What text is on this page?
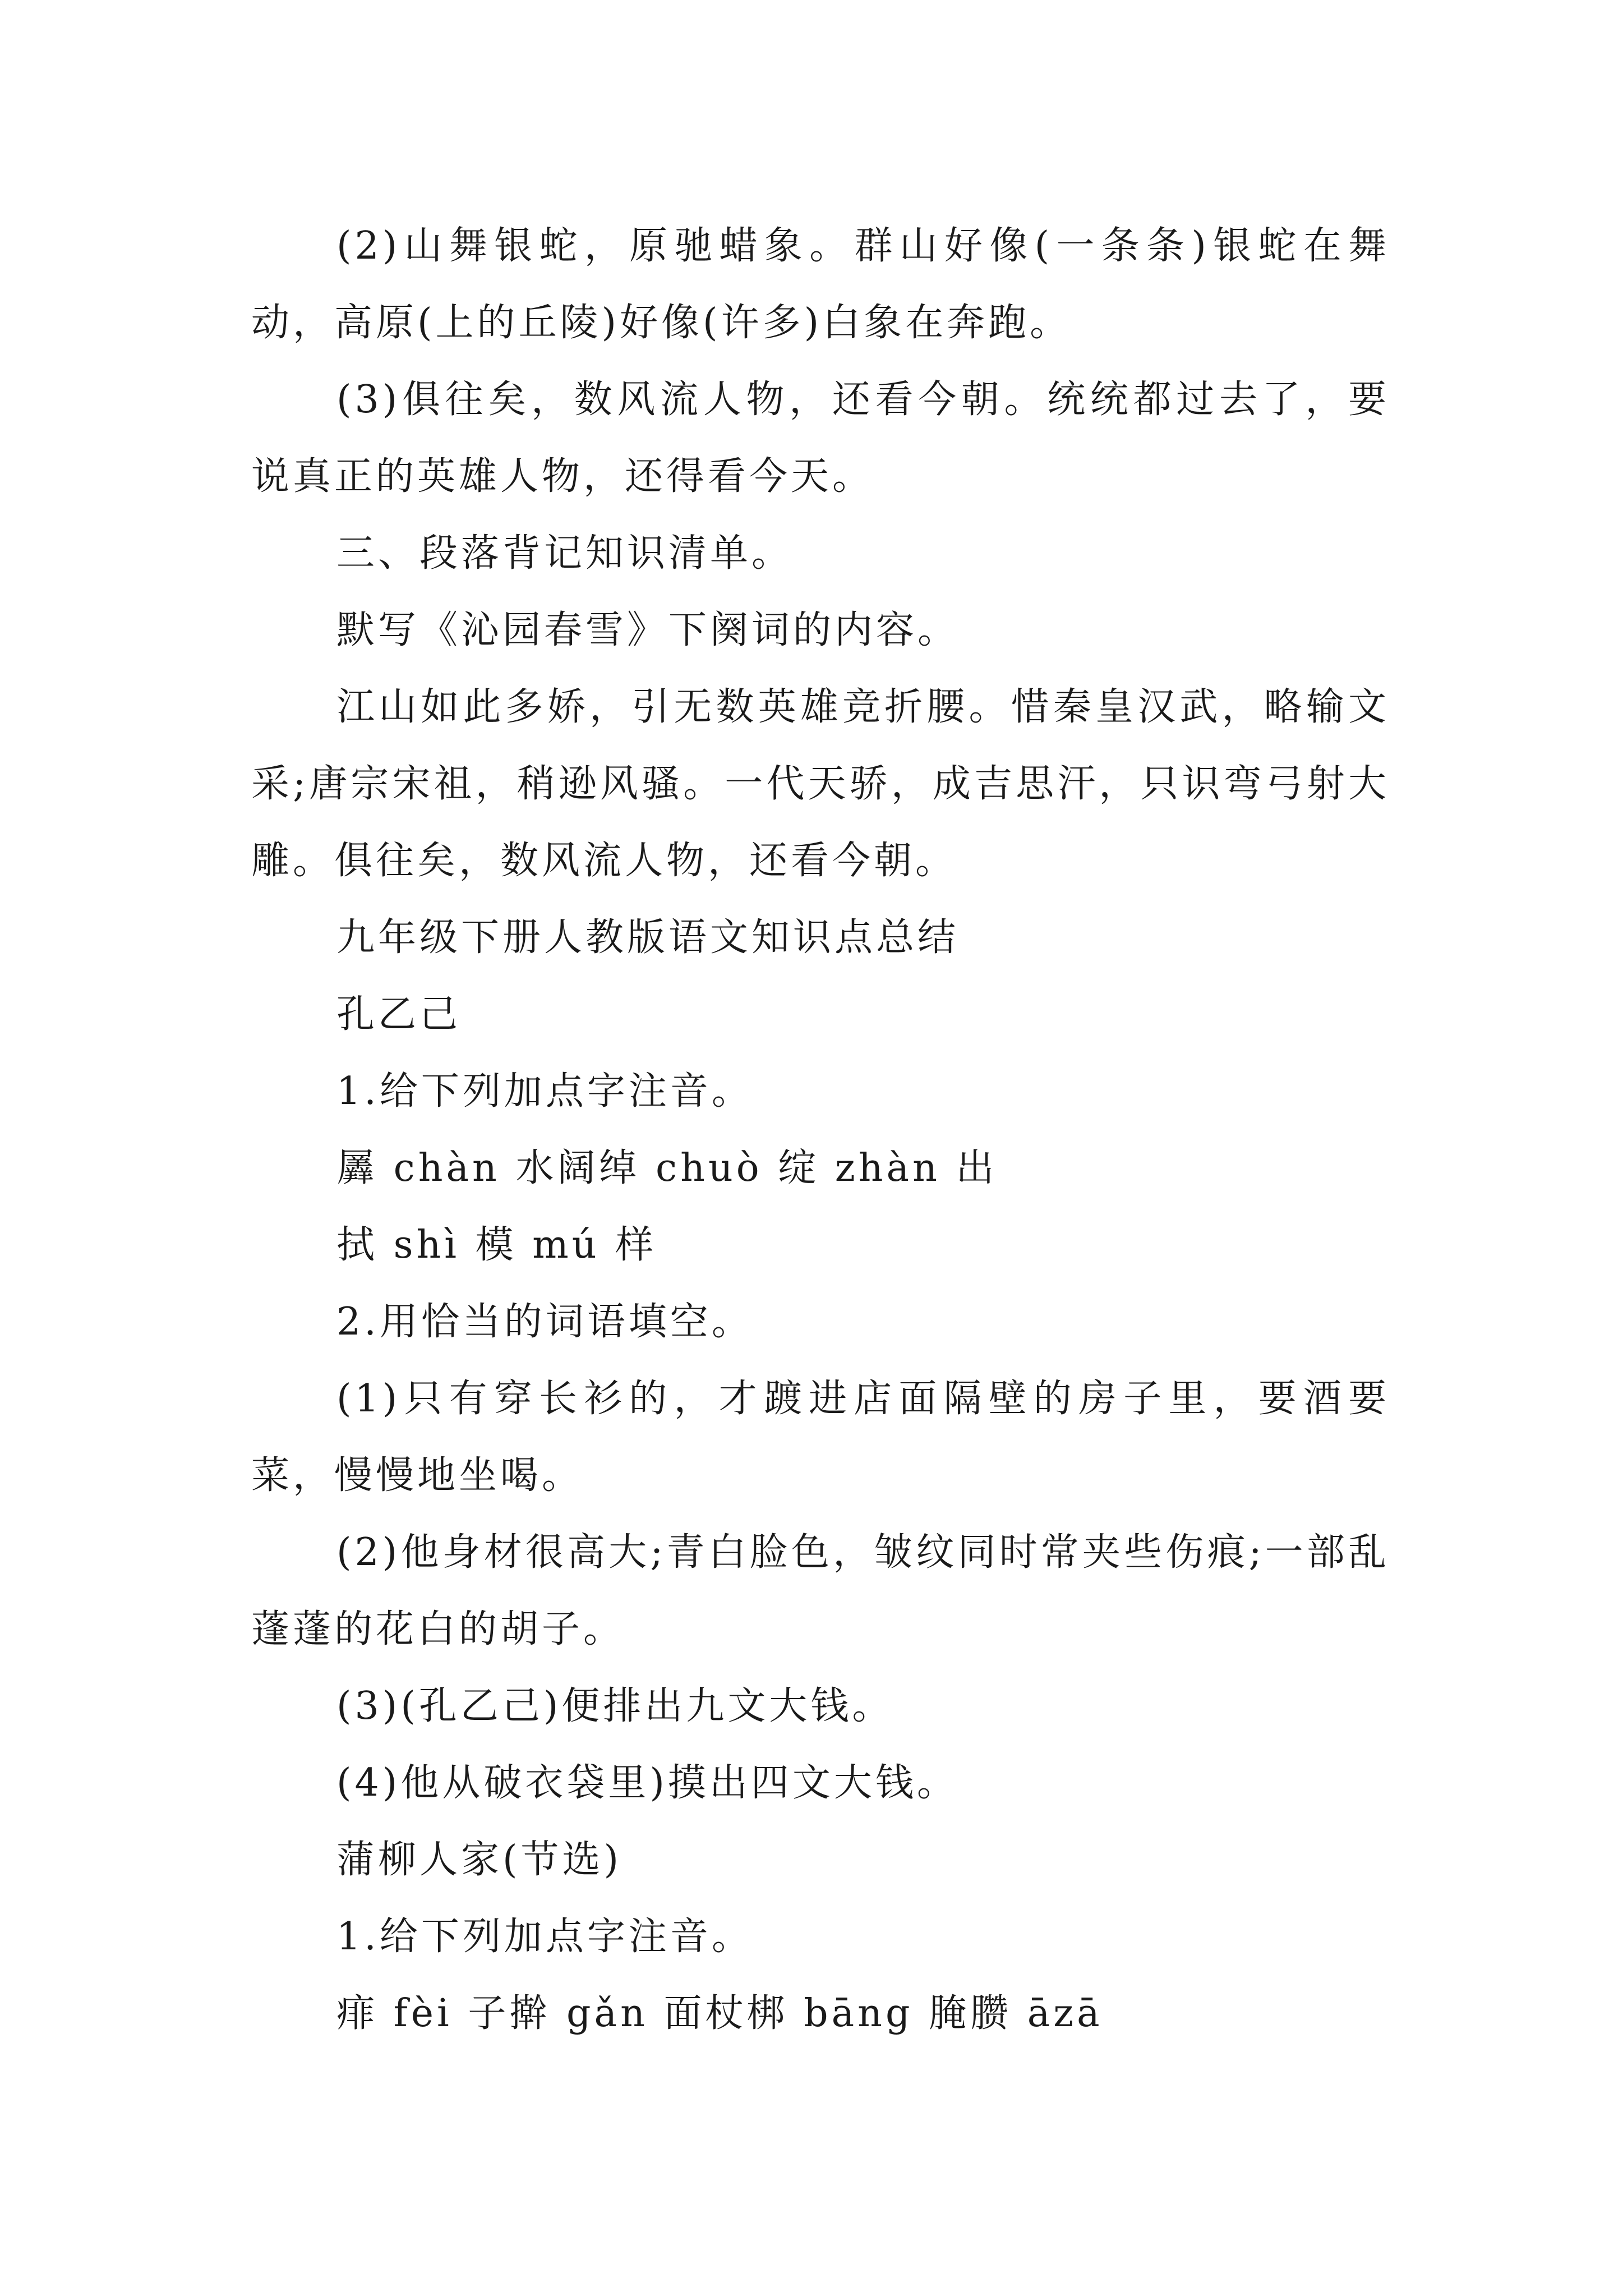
(2)山舞银蛇，原驰蜡象。群山好像(一条条)银蛇在舞动，高原(上的丘陵)好像(许多)白象在奔跑。

(3)俱往矣，数风流人物，还看今朝。统统都过去了，要说真正的英雄人物，还得看今天。

三、段落背记知识清单。

默写《沁园春雪》下阕词的内容。

江山如此多娇，引无数英雄竞折腰。惜秦皇汉武，略输文采;唐宗宋祖，稍逊风骚。一代天骄，成吉思汗，只识弯弓射大雕。俱往矣，数风流人物，还看今朝。

九年级下册人教版语文知识点总结

孔乙己

1.给下列加点字注音。

羼 chàn 水阔绰 chuò 绽 zhàn 出

拭 shì 模 mú 样

2.用恰当的词语填空。

(1)只有穿长衫的，才踱进店面隔壁的房子里，要酒要菜，慢慢地坐喝。

(2)他身材很高大;青白脸色，皱纹同时常夹些伤痕;一部乱蓬蓬的花白的胡子。

(3)(孔乙己)便排出九文大钱。

(4)他从破衣袋里)摸出四文大钱。

蒲柳人家(节选)

1.给下列加点字注音。

痱 fèi 子擀 gǎn 面杖梆 bāng 腌臜 āzā
